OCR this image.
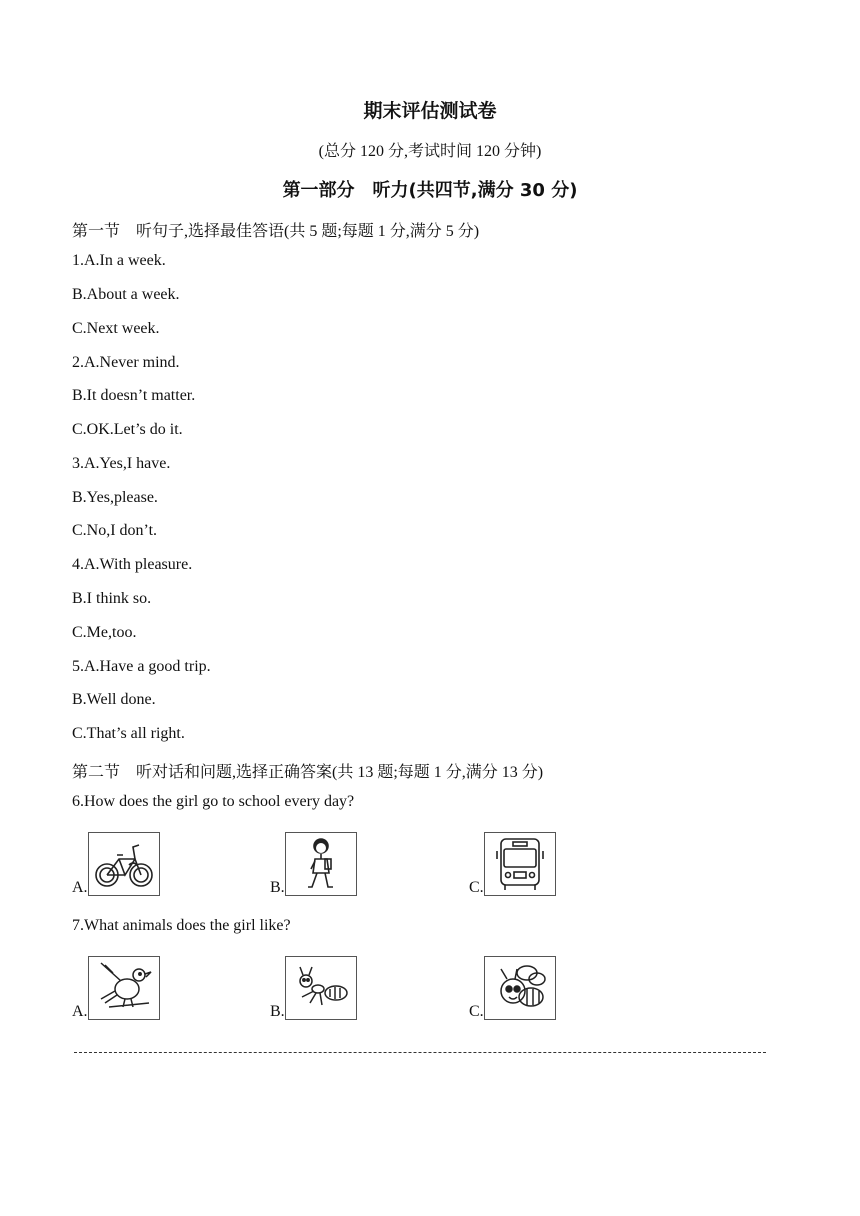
期末评估测试卷
(总分 120 分,考试时间 120 分钟)
第一部分　听力(共四节,满分 30 分)
第一节　听句子,选择最佳答语(共 5 题;每题 1 分,满分 5 分)
1.A.In a week.
B.About a week.
C.Next week.
2.A.Never mind.
B.It doesn’t matter.
C.OK.Let’s do it.
3.A.Yes,I have.
B.Yes,please.
C.No,I don’t.
4.A.With pleasure.
B.I think so.
C.Me,too.
5.A.Have a good trip.
B.Well done.
C.That’s all right.
第二节　听对话和问题,选择正确答案(共 13 题;每题 1 分,满分 13 分)
6.How does the girl go to school every day?
A.	B.	C.
7.What animals does the girl like?
A.	B.	C.
